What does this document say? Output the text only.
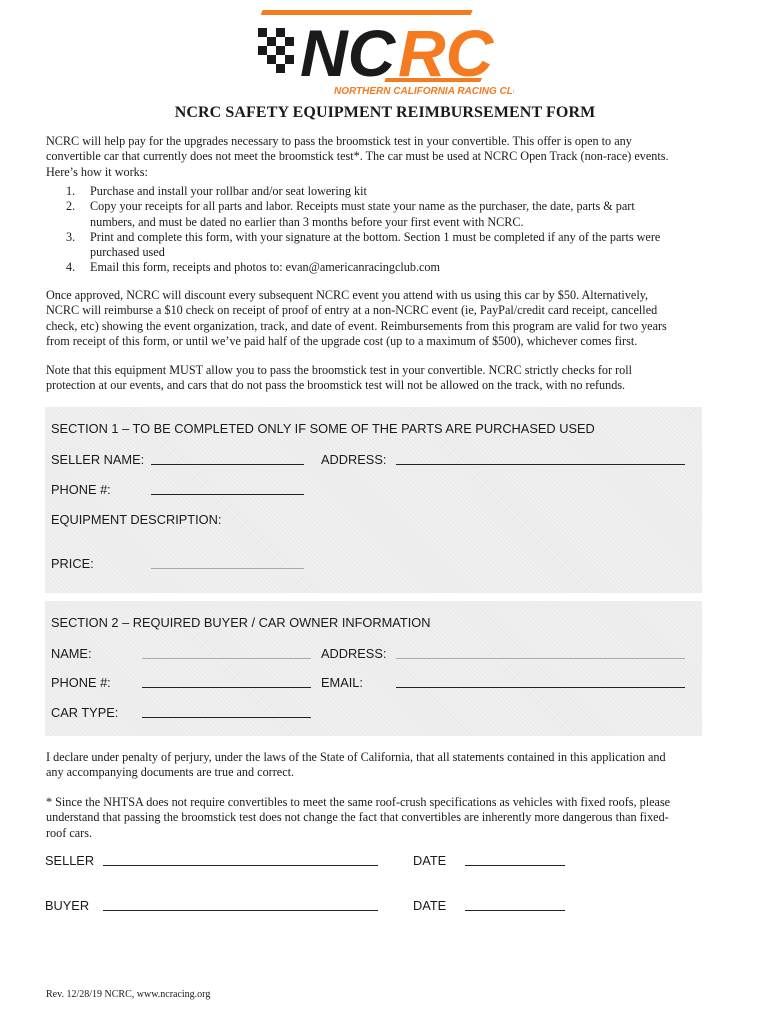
NC RC
NORTHERN CALIFORNIA RACING CLUB
NCRC SAFETY EQUIPMENT REIMBURSEMENT FORM
NCRC will help pay for the upgrades necessary to pass the broomstick test in your convertible. This offer is open to any
convertible car that currently does not meet the broomstick test*. The car must be used at NCRC Open Track (non-race) events.
Here’s how it works:
1. Purchase and install your rollbar and/or seat lowering kit
2. Copy your receipts for all parts and labor. Receipts must state your name as the purchaser, the date, parts & part
numbers, and must be dated no earlier than 3 months before your first event with NCRC.
3. Print and complete this form, with your signature at the bottom. Section 1 must be completed if any of the parts were
purchased used
4. Email this form, receipts and photos to: evan@americanracingclub.com
Once approved, NCRC will discount every subsequent NCRC event you attend with us using this car by $50. Alternatively,
NCRC will reimburse a $10 check on receipt of proof of entry at a non-NCRC event (ie, PayPal/credit card receipt, cancelled
check, etc) showing the event organization, track, and date of event. Reimbursements from this program are valid for two years
from receipt of this form, or until we’ve paid half of the upgrade cost (up to a maximum of $500), whichever comes first.
Note that this equipment MUST allow you to pass the broomstick test in your convertible. NCRC strictly checks for roll
protection at our events, and cars that do not pass the broomstick test will not be allowed on the track, with no refunds.
SECTION 1 – TO BE COMPLETED ONLY IF SOME OF THE PARTS ARE PURCHASED USED
SELLER NAME:	ADDRESS:
PHONE #:
EQUIPMENT DESCRIPTION:
PRICE:
SECTION 2 – REQUIRED BUYER / CAR OWNER INFORMATION
NAME:	ADDRESS:
PHONE #:	EMAIL:
CAR TYPE:
I declare under penalty of perjury, under the laws of the State of California, that all statements contained in this application and
any accompanying documents are true and correct.
* Since the NHTSA does not require convertibles to meet the same roof-crush specifications as vehicles with fixed roofs, please
understand that passing the broomstick test does not change the fact that convertibles are inherently more dangerous than fixed-
roof cars.
SELLER	DATE
BUYER	DATE
Rev. 12/28/19 NCRC, www.ncracing.org
